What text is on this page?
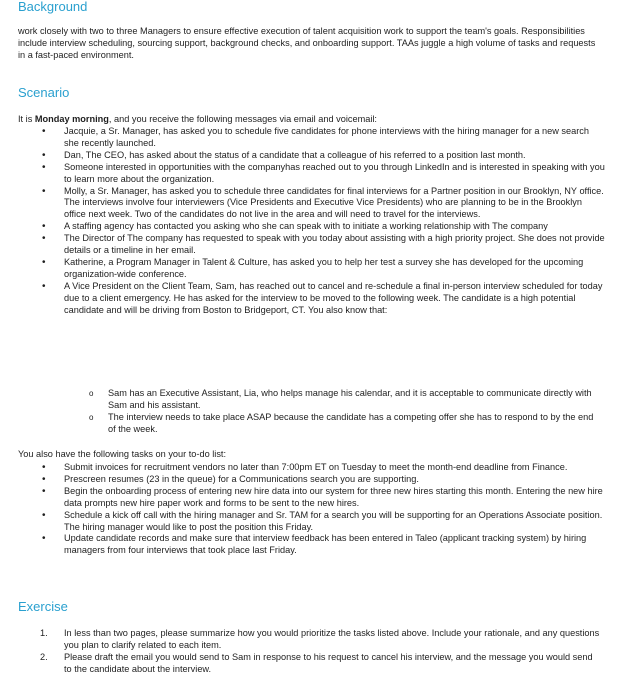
Background

work closely with two to three Managers to ensure effective execution of talent acquisition work to support the team's goals. Responsibilities include interview scheduling, sourcing support, background checks, and onboarding support. TAAs juggle a high volume of tasks and requests in a fast-paced environment.

Scenario

It is Monday morning, and you receive the following messages via email and voicemail:

• Jacquie, a Sr. Manager, has asked you to schedule five candidates for phone interviews with the hiring manager for a new search she recently launched.
• Dan, The CEO, has asked about the status of a candidate that a colleague of his referred to a position last month.
• Someone interested in opportunities with the companyhas reached out to you through LinkedIn and is interested in speaking with you to learn more about the organization.
• Molly, a Sr. Manager, has asked you to schedule three candidates for final interviews for a Partner position in our Brooklyn, NY office. The interviews involve four interviewers (Vice Presidents and Executive Vice Presidents) who are planning to be in the Brooklyn office next week. Two of the candidates do not live in the area and will need to travel for the interviews.
• A staffing agency has contacted you asking who she can speak with to initiate a working relationship with The company
• The Director of The company has requested to speak with you today about assisting with a high priority project. She does not provide details or a timeline in her email.
• Katherine, a Program Manager in Talent & Culture, has asked you to help her test a survey she has developed for the upcoming organization-wide conference.
• A Vice President on the Client Team, Sam, has reached out to cancel and re-schedule a final in-person interview scheduled for today due to a client emergency. He has asked for the interview to be moved to the following week. The candidate is a high potential candidate and will be driving from Boston to Bridgeport, CT. You also know that:
o Sam has an Executive Assistant, Lia, who helps manage his calendar, and it is acceptable to communicate directly with Sam and his assistant.
o The interview needs to take place ASAP because the candidate has a competing offer she has to respond to by the end of the week.

You also have the following tasks on your to-do list:

• Submit invoices for recruitment vendors no later than 7:00pm ET on Tuesday to meet the month-end deadline from Finance.
• Prescreen resumes (23 in the queue) for a Communications search you are supporting.
• Begin the onboarding process of entering new hire data into our system for three new hires starting this month. Entering the new hire data prompts new hire paper work and forms to be sent to the new hires.
• Schedule a kick off call with the hiring manager and Sr. TAM for a search you will be supporting for an Operations Associate position. The hiring manager would like to post the position this Friday.
• Update candidate records and make sure that interview feedback has been entered in Taleo (applicant tracking system) by hiring managers from four interviews that took place last Friday.
Exercise
1. In less than two pages, please summarize how you would prioritize the tasks listed above. Include your rationale, and any questions you plan to clarify related to each item.
2. Please draft the email you would send to Sam in response to his request to cancel his interview, and the message you would send to the candidate about the interview.
